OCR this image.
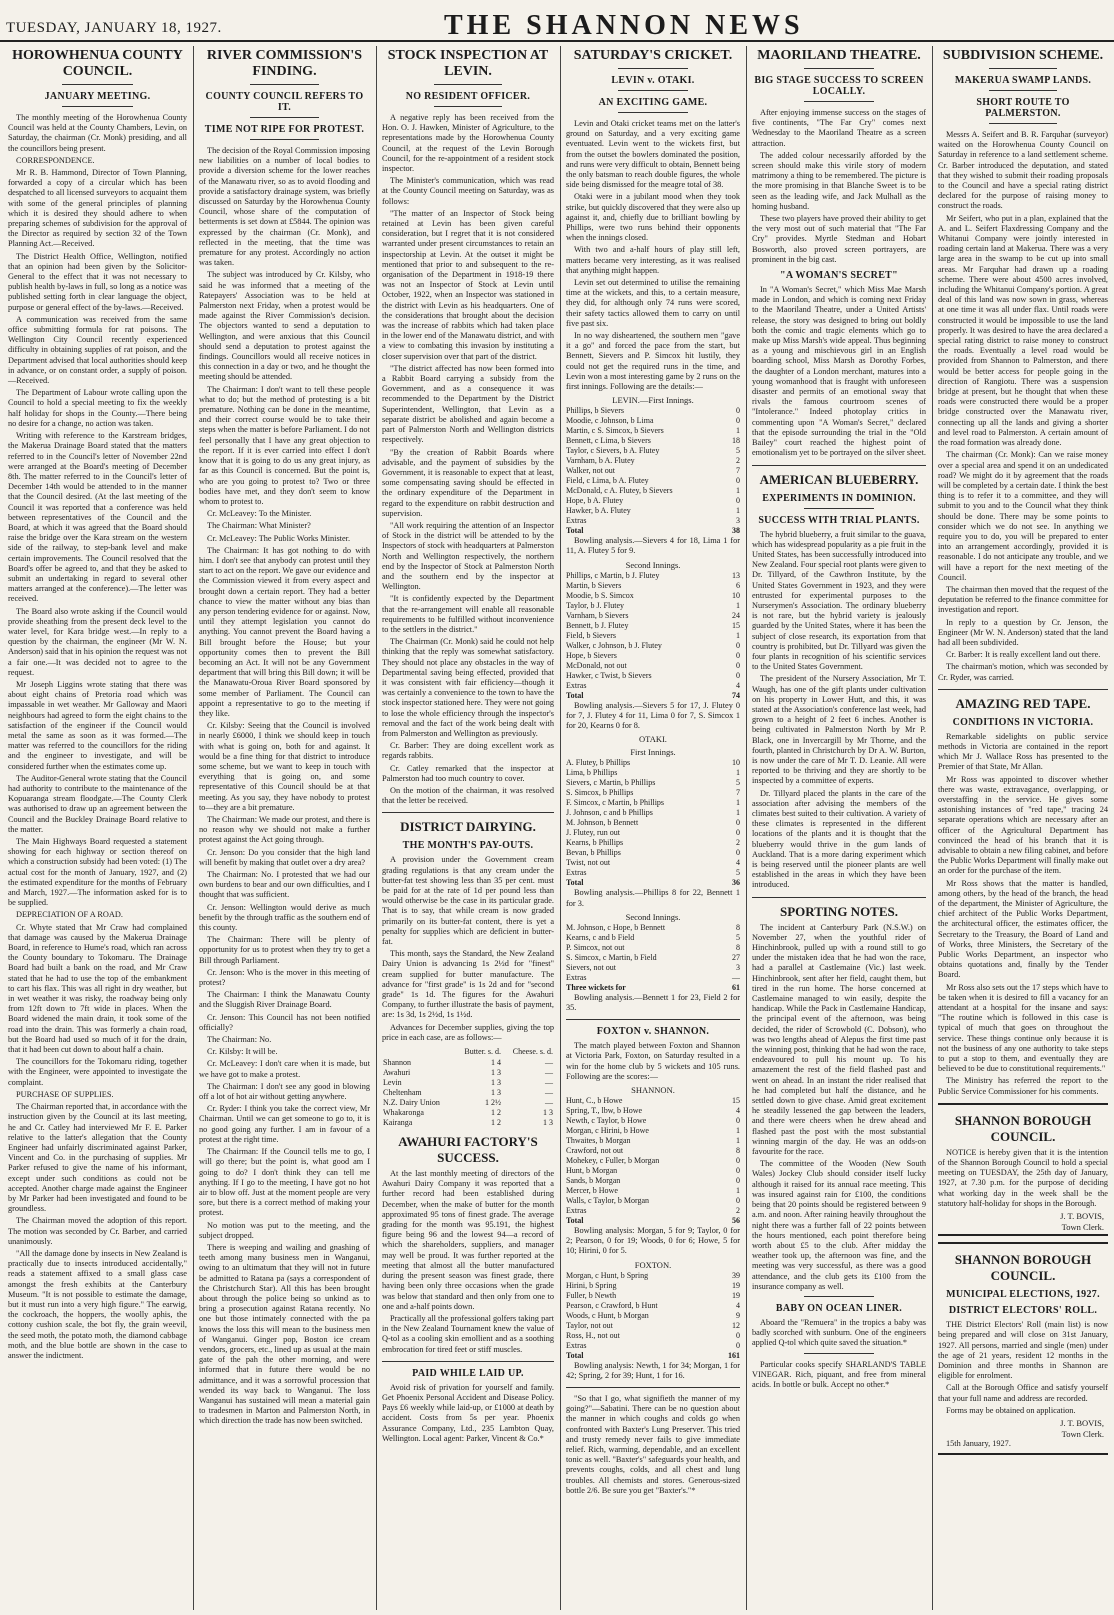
TUESDAY, JANUARY 18, 1927.	THE SHANNON NEWS
HOROWHENUA COUNTY COUNCIL.
JANUARY MEETING.

The monthly meeting of the Horowhenua County Council was held at the County Chambers, Levin, on Saturday, the chairman (Cr. Monk) presiding, and all the councillors being present.

CORRESPONDENCE.

Mr R. B. Hammond, Director of Town Planning, forwarded a copy of a circular which has been despatched to all licensed surveyors to acquaint them with some of the general principles of planning which it is desired they should adhere to when preparing schemes of subdivision for the approval of the Director as required by section 32 of the Town Planning Act.—Received.

The District Health Office, Wellington, notified that an opinion had been given by the Solicitor-General to the effect that it was not necessary to publish health by-laws in full, so long as a notice was published setting forth in clear language the object, purpose or general effect of the by-laws.—Received.

A communication was received from the same office submitting formula for rat poisons. The Wellington City Council recently experienced difficulty in obtaining supplies of rat poison, and the Department advised that local authorities should keep in advance, or on constant order, a supply of poison.—Received.

The Department of Labour wrote calling upon the Council to hold a special meeting to fix the weekly half holiday for shops in the County.—There being no desire for a change, no action was taken.

Writing with reference to the Karstream bridges, the Makerua Drainage Board stated that the matters referred to in the Council's letter of November 22nd were arranged at the Board's meeting of December 8th. The matter referred to in the Council's letter of December 14th would be attended to in the manner that the Council desired. (At the last meeting of the Council it was reported that a conference was held between representatives of the Council and the Board, at which it was agreed that the Board should raise the bridge over the Kara stream on the western side of the railway, to step-bank level and make certain improvements. The Council resolved that the Board's offer be agreed to, and that they be asked to submit an undertaking in regard to several other matters arranged at the conference).—The letter was received.

The Board also wrote asking if the Council would provide sheathing from the present deck level to the water level, for Kara bridge west.—In reply to a question by the chairman, the engineer (Mr W. N. Anderson) said that in his opinion the request was not a fair one.—It was decided not to agree to the request.

Mr Joseph Liggins wrote stating that there was about eight chains of Pretoria road which was impassable in wet weather. Mr Galloway and Maori neighbours had agreed to form the eight chains to the satisfaction of the engineer if the Council would metal the same as soon as it was formed.—The matter was referred to the councillors for the riding and the engineer to investigate, and will be considered further when the estimates come up.

The Auditor-General wrote stating that the Council had authority to contribute to the maintenance of the Kopuaranga stream floodgate.—The County Clerk was authorised to draw up an agreement between the Council and the Buckley Drainage Board relative to the matter.

The Main Highways Board requested a statement showing for each highway or section thereof on which a construction subsidy had been voted: (1) The actual cost for the month of January, 1927, and (2) the estimated expenditure for the months of February and March, 1927.—The information asked for is to be supplied.

DEPRECIATION OF A ROAD.

Cr. Whyte stated that Mr Craw had complained that damage was caused by the Makerua Drainage Board, in reference to Hume's road, which ran across the County boundary to Tokomaru. The Drainage Board had built a bank on the road, and Mr Craw stated that he had to use the top of the embankment to cart his flax. This was all right in dry weather, but in wet weather it was risky, the roadway being only from 12ft down to 7ft wide in places. When the Board widened the main drain, it took some of the road into the drain. This was formerly a chain road, but the Board had used so much of it for the drain, that it had been cut down to about half a chain.

The councillors for the Tokomaru riding, together with the Engineer, were appointed to investigate the complaint.

PURCHASE OF SUPPLIES.

The Chairman reported that, in accordance with the instruction given by the Council at its last meeting, he and Cr. Catley had interviewed Mr F. E. Parker relative to the latter's allegation that the County Engineer had unfairly discriminated against Parker, Vincent and Co. in the purchasing of supplies. Mr Parker refused to give the name of his informant, except under such conditions as could not be accepted. Another charge made against the Engineer by Mr Parker had been investigated and found to be groundless.

The Chairman moved the adoption of this report. The motion was seconded by Cr. Barber, and carried unanimously.

"All the damage done by insects in New Zealand is practically due to insects introduced accidentally," reads a statement affixed to a small glass case amongst the fresh exhibits at the Canterbury Museum. "It is not possible to estimate the damage, but it must run into a very high figure." The earwig, the cockroach, the hoppers, the woolly aphis, the cottony cushion scale, the bot fly, the grain weevil, the seed moth, the potato moth, the diamond cabbage moth, and the blue bottle are shown in the case to answer the indictment.

RIVER COMMISSION'S FINDING.
COUNTY COUNCIL REFERS TO IT.
TIME NOT RIPE FOR PROTEST.

The decision of the Royal Commission imposing new liabilities on a number of local bodies to provide a diversion scheme for the lower reaches of the Manawatu river, so as to avoid flooding and provide a satisfactory drainage system, was briefly discussed on Saturday by the Horowhenua County Council, whose share of the computation of betterments is set down at £5844. The opinion was expressed by the chairman (Cr. Monk), and reflected in the meeting, that the time was premature for any protest. Accordingly no action was taken.

The subject was introduced by Cr. Kilsby, who said he was informed that a meeting of the Ratepayers' Association was to be held at Palmerston next Friday, when a protest would be made against the River Commission's decision. The objectors wanted to send a deputation to Wellington, and were anxious that this Council should send a deputation to protest against the findings. Councillors would all receive notices in this connection in a day or two, and he thought the meeting should be attended.

The Chairman: I don't want to tell these people what to do; but the method of protesting is a bit premature. Nothing can be done in the meantime, and their correct course would be to take their steps when the matter is before Parliament. I do not feel personally that I have any great objection to the report. If it is ever carried into effect I don't know that it is going to do us any great injury, as far as this Council is concerned. But the point is, who are you going to protest to? Two or three bodies have met, and they don't seem to know whom to protest to.

Cr. McLeavey: To the Minister.

The Chairman: What Minister?

Cr. McLeavey: The Public Works Minister.

The Chairman: It has got nothing to do with him. I don't see that anybody can protest until they start to act on the report. We gave our evidence and the Commission viewed it from every aspect and brought down a certain report. They had a better chance to view the matter without any bias than any person tendering evidence for or against. Now, until they attempt legislation you cannot do anything. You cannot prevent the Board having a Bill brought before the House; but your opportunity comes then to prevent the Bill becoming an Act. It will not be any Government department that will bring this Bill down; it will be the Manawatu-Oroua River Board sponsored by some member of Parliament. The Council can appoint a representative to go to the meeting if they like.

Cr. Kilsby: Seeing that the Council is involved in nearly £6000, I think we should keep in touch with what is going on, both for and against. It would be a fine thing for that district to introduce some scheme, but we want to keep in touch with everything that is going on, and some representative of this Council should be at that meeting. As you say, they have nobody to protest to—they are a bit premature.

The Chairman: We made our protest, and there is no reason why we should not make a further protest against the Act going through.

Cr. Jenson: Do you consider that the high land will benefit by making that outlet over a dry area?

The Chairman: No. I protested that we had our own burdens to bear and our own difficulties, and I thought that was sufficient.

Cr. Jenson: Wellington would derive as much benefit by the through traffic as the southern end of this county.

The Chairman: There will be plenty of opportunity for us to protest when they try to get a Bill through Parliament.

Cr. Jenson: Who is the mover in this meeting of protest?

The Chairman: I think the Manawatu County and the Sluggish River Drainage Board.

Cr. Jenson: This Council has not been notified officially?

The Chairman: No.

Cr. Kilsby: It will be.

Cr. McLeavey: I don't care when it is made, but we have got to make a protest.

The Chairman: I don't see any good in blowing off a lot of hot air without getting anywhere.

Cr. Ryder: I think you take the correct view, Mr Chairman. Until we can get someone to go to, it is no good going any further. I am in favour of a protest at the right time.

The Chairman: If the Council tells me to go, I will go there; but the point is, what good am I going to do? I don't think they can tell me anything. If I go to the meeting, I have got no hot air to blow off. Just at the moment people are very sore, but there is a correct method of making your protest.

No motion was put to the meeting, and the subject dropped.

There is weeping and wailing and gnashing of teeth among many business men in Wanganui, owing to an ultimatum that they will not in future be admitted to Ratana pa (says a correspondent of the Christchurch Star). All this has been brought about through the police being so unkind as to bring a prosecution against Ratana recently. No one but those intimately connected with the pa knows the loss this will mean to the business men of Wanganui. Ginger pop, Boston ice cream vendors, grocers, etc., lined up as usual at the main gate of the pah the other morning, and were informed that in future there would be no admittance, and it was a sorrowful procession that wended its way back to Wanganui. The loss Wanganui has sustained will mean a material gain to tradesmen in Marton and Palmerston North, in which direction the trade has now been switched.

STOCK INSPECTION AT LEVIN.
NO RESIDENT OFFICER.

A negative reply has been received from the Hon. O. J. Hawken, Minister of Agriculture, to the representations made by the Horowhenua County Council, at the request of the Levin Borough Council, for the re-appointment of a resident stock inspector.

The Minister's communication, which was read at the County Council meeting on Saturday, was as follows:

"The matter of an Inspector of Stock being retained at Levin has been given careful consideration, but I regret that it is not considered warranted under present circumstances to retain an inspectorship at Levin. At the outset it might be mentioned that prior to and subsequent to the re-organisation of the Department in 1918-19 there was not an Inspector of Stock at Levin until October, 1922, when an Inspector was stationed in the district with Levin as his headquarters. One of the considerations that brought about the decision was the increase of rabbits which had taken place in the lower end of the Manawatu district, and with a view to combating this invasion by instituting a closer supervision over that part of the district.

"The district affected has now been formed into a Rabbit Board carrying a subsidy from the Government, and as a consequence it was recommended to the Department by the District Superintendent, Wellington, that Levin as a separate district be abolished and again become a part of Palmerston North and Wellington districts respectively.

"By the creation of Rabbit Boards where advisable, and the payment of subsidies by the Government, it is reasonable to expect that at least, some compensating saving should be effected in the ordinary expenditure of the Department in regard to the expenditure on rabbit destruction and supervision.

"All work requiring the attention of an Inspector of Stock in the district will be attended to by the Inspectors of stock with headquarters at Palmerston North and Wellington respectively, the northern end by the Inspector of Stock at Palmerston North and the southern end by the inspector at Wellington.

"It is confidently expected by the Department that the re-arrangement will enable all reasonable requirements to be fulfilled without inconvenience to the settlers in the district."

The Chairman (Cr. Monk) said he could not help thinking that the reply was somewhat satisfactory. They should not place any obstacles in the way of Departmental saving being effected, provided that it was consistent with fair efficiency—though it was certainly a convenience to the town to have the stock inspector stationed here. They were not going to lose the whole efficiency through the inspector's removal and the fact of the work being dealt with from Palmerston and Wellington as previously.

Cr. Barber: They are doing excellent work as regards rabbits.

Cr. Catley remarked that the inspector at Palmerston had too much country to cover.

On the motion of the chairman, it was resolved that the letter be received.

DISTRICT DAIRYING.
THE MONTH'S PAY-OUTS.

A provision under the Government cream grading regulations is that any cream under the butter-fat test showing less than 35 per cent. must be paid for at the rate of 1d per pound less than would otherwise be the case in its particular grade. That is to say, that while cream is now graded primarily on its butter-fat content, there is yet a penalty for supplies which are deficient in butter-fat.

This month, says the Standard, the New Zealand Dairy Union is advancing 1s 2½d for "finest" cream supplied for butter manufacture. The advance for "first grade" is 1s 2d and for "second grade" 1s 1d. The figures for the Awahuri Company, to further illustrate the basis of payment, are: 1s 3d, 1s 2½d, 1s 1½d.

Advances for December supplies, giving the top price in each case, are as follows:—

	Butter. s. d.	Cheese. s. d.
Shannon	1 4	—
Awahuri	1 3	—
Levin	1 3	—
Cheltenham	1 3	—
N.Z. Dairy Union	1 2½	—
Whakaronga	1 2	1 3
Kairanga	1 2	1 3
AWAHURI FACTORY'S SUCCESS.

At the last monthly meeting of directors of the Awahuri Dairy Company it was reported that a further record had been established during December, when the make of butter for the month approximated 95 tons of finest grade. The average grading for the month was 95.191, the highest figure being 96 and the lowest 94—a record of which the shareholders, suppliers, and manager may well be proud. It was further reported at the meeting that almost all the butter manufactured during the present season was finest grade, there having been only three occasions when the grade was below that standard and then only from one to one and a-half points down.

Practically all the professional golfers taking part in the New Zealand Tournament knew the value of Q-tol as a cooling skin emollient and as a soothing embrocation for tired feet or stiff muscles.

PAID WHILE LAID UP.

Avoid risk of privation for yourself and family. Get Phoenix Personal Accident and Disease Policy. Pays £6 weekly while laid-up, or £1000 at death by accident. Costs from 5s per year. Phoenix Assurance Company, Ltd., 235 Lambton Quay, Wellington. Local agent: Parker, Vincent & Co.*

SATURDAY'S CRICKET.
LEVIN v. OTAKI.
AN EXCITING GAME.

Levin and Otaki cricket teams met on the latter's ground on Saturday, and a very exciting game eventuated. Levin went to the wickets first, but from the outset the bowlers dominated the position, and runs were very difficult to obtain, Bennett being the only batsman to reach double figures, the whole side being dismissed for the meagre total of 38.

Otaki were in a jubilant mood when they took strike, but quickly discovered that they were also up against it, and, chiefly due to brilliant bowling by Phillips, were two runs behind their opponents when the innings closed.

With two and a-half hours of play still left, matters became very interesting, as it was realised that anything might happen.

Levin set out determined to utilise the remaining time at the wickets, and this, to a certain measure, they did, for although only 74 runs were scored, their safety tactics allowed them to carry on until five past six.

In no way disheartened, the southern men "gave it a go" and forced the pace from the start, but Bennett, Sievers and P. Simcox hit lustily, they could not get the required runs in the time, and Levin won a most interesting game by 2 runs on the first innings. Following are the details:—

LEVIN.—First Innings.
Phillips, b Sievers	0
Moodie, c Johnson, b Lima	0
Martin, c S. Simcox, b Sievers	1
Bennett, c Lima, b Sievers	18
Taylor, c Sievers, b A. Flutey	5
Varnham, b A. Flutey	2
Walker, not out	7
Field, c Lima, b A. Flutey	0
McDonald, c A. Flutey, b Sievers	1
Hope, b A. Flutey	0
Hawker, b A. Flutey	1
Extras	3
Total	38

Bowling analysis.—Sievers 4 for 18, Lima 1 for 11, A. Flutey 5 for 9.

Second Innings.
Phillips, c Martin, b J. Flutey	13
Martin, b Sievers	6
Moodie, b S. Simcox	10
Taylor, b J. Flutey	1
Varnham, b Sievers	24
Bennett, b J. Flutey	15
Field, b Sievers	1
Walker, c Johnson, b J. Flutey	0
Hope, b Sievers	0
McDonald, not out	0
Hawker, c Twist, b Sievers	0
Extras	4
Total	74

Bowling analysis.—Sievers 5 for 17, J. Flutey 0 for 7, J. Flutey 4 for 11, Lima 0 for 7, S. Simcox 1 for 20, Kearns 0 for 8.

OTAKI.
First Innings.
A. Flutey, b Phillips	10
Lima, b Phillips	1
Sievers, c Martin, b Phillips	5
S. Simcox, b Phillips	7
F. Simcox, c Martin, b Phillips	1
J. Johnson, c and b Phillips	1
M. Johnson, b Bennett	0
J. Flutey, run out	0
Kearns, b Phillips	2
Bevan, b Phillips	0
Twist, not out	4
Extras	5
Total	36

Bowling analysis.—Phillips 8 for 22, Bennett 1 for 3.

Second Innings.
M. Johnson, c Hope, b Bennett	8
Kearns, c and b Field	5
P. Simcox, not out	8
S. Simcox, c Martin, b Field	27
Sievers, not out	3
Extras	—
Three wickets for	61

Bowling analysis.—Bennett 1 for 23, Field 2 for 35.

FOXTON v. SHANNON.

The match played between Foxton and Shannon at Victoria Park, Foxton, on Saturday resulted in a win for the home club by 5 wickets and 105 runs. Following are the scores:—

SHANNON.
Hunt, C., b Howe	15
Spring, T., lbw, b Howe	4
Newth, c Taylor, b Howe	0
Morgan, c Hirini, b Howe	1
Thwaites, b Morgan	1
Crawford, not out	8
Mohekey, c Fuller, b Morgan	0
Hunt, b Morgan	0
Sands, b Morgan	0
Mercer, b Howe	1
Walls, c Taylor, b Morgan	0
Extras	2
Total	56

Bowling analysis: Morgan, 5 for 9; Taylor, 0 for 2; Pearson, 0 for 19; Woods, 0 for 6; Howe, 5 for 10; Hirini, 0 for 5.

FOXTON.
Morgan, c Hunt, b Spring	39
Hirini, b Spring	19
Fuller, b Newth	19
Pearson, c Crawford, b Hunt	4
Woods, c Hunt, b Morgan	9
Taylor, not out	12
Ross, H., not out	0
Extras	0
Total	161

Bowling analysis: Newth, 1 for 34; Morgan, 1 for 42; Spring, 2 for 39; Hunt, 1 for 16.

"So that I go, what signifieth the manner of my going?"—Sabatini. There can be no question about the manner in which coughs and colds go when confronted with Baxter's Lung Preserver. This tried and trusty remedy never fails to give immediate relief. Rich, warming, dependable, and an excellent tonic as well. "Baxter's" safeguards your health, and prevents coughs, colds, and all chest and lung troubles. All chemists and stores. Generous-sized bottle 2/6. Be sure you get "Baxter's."*

MAORILAND THEATRE.
BIG STAGE SUCCESS TO SCREEN LOCALLY.

After enjoying immense success on the stages of five continents, "The Far Cry" comes next Wednesday to the Maoriland Theatre as a screen attraction.

The added colour necessarily afforded by the screen should make this virile story of modern matrimony a thing to be remembered. The picture is the more promising in that Blanche Sweet is to be seen as the leading wife, and Jack Mulhall as the homing husband.

These two players have proved their ability to get the very most out of such material that "The Far Cry" provides. Myrtle Stedman and Hobart Bosworth, also proved screen portrayers, are prominent in the big cast.

"A WOMAN'S SECRET"

In "A Woman's Secret," which Miss Mae Marsh made in London, and which is coming next Friday to the Maoriland Theatre, under a United Artists' release, the story was designed to bring out boldly both the comic and tragic elements which go to make up Miss Marsh's wide appeal. Thus beginning as a young and mischievous girl in an English boarding school, Miss Marsh as Dorothy Forbes, the daughter of a London merchant, matures into a young womanhood that is fraught with unforeseen disaster and permits of an emotional sway that rivals the famous courtroom scenes of "Intolerance." Indeed photoplay critics in commenting upon "A Woman's Secret," declared that the episode surrounding the trial in the "Old Bailey" court reached the highest point of emotionalism yet to be portrayed on the silver sheet.

AMERICAN BLUEBERRY.
EXPERIMENTS IN DOMINION.
SUCCESS WITH TRIAL PLANTS.

The hybrid blueberry, a fruit similar to the guava, which has widespread popularity as a pie fruit in the United States, has been successfully introduced into New Zealand. Four special root plants were given to Dr. Tillyard, of the Cawthron Institute, by the United States Government in 1923, and they were entrusted for experimental purposes to the Nurserymen's Association. The ordinary blueberry is not rare, but the hybrid variety is jealously guarded by the United States, where it has been the subject of close research, its exportation from that country is prohibited, but Dr. Tillyard was given the four plants in recognition of his scientific services to the United States Government.

The president of the Nursery Association, Mr T. Waugh, has one of the gift plants under cultivation on his property in Lower Hutt, and this, it was stated at the Association's conference last week, had grown to a height of 2 feet 6 inches. Another is being cultivated in Palmerston North by Mr P. Black, one in Invercargill by Mr Thorne, and the fourth, planted in Christchurch by Dr A. W. Burton, is now under the care of Mr T. D. Leanie. All were reported to be thriving and they are shortly to be inspected by a committee of experts.

Dr. Tillyard placed the plants in the care of the association after advising the members of the climates best suited to their cultivation. A variety of these climates is represented in the different locations of the plants and it is thought that the blueberry would thrive in the gum lands of Auckland. That is a more daring experiment which is being reserved until the pioneer plants are well established in the areas in which they have been introduced.

SPORTING NOTES.

The incident at Canterbury Park (N.S.W.) on November 27, when the youthful rider of Hinchinbrook, pulled up with a round still to go under the mistaken idea that he had won the race, had a parallel at Castlemaine (Vic.) last week. Hinchinbrook, sent after her field, caught them, but tired in the run home. The horse concerned at Castlemaine managed to win easily, despite the handicap. While the Pack in Castlemaine Handicap, the principal event of the afternoon, was being decided, the rider of Scrowbold (C. Dobson), who was two lengths ahead of Alepus the first time past the winning post, thinking that he had won the race, endeavoured to pull his mount up. To his amazement the rest of the field flashed past and went on ahead. In an instant the rider realised that he had completed but half the distance, and he settled down to give chase. Amid great excitement he steadily lessened the gap between the leaders, and there were cheers when he drew ahead and flashed past the post with the most substantial winning margin of the day. He was an odds-on favourite for the race.

The committee of the Wooden (New South Wales) Jockey Club should consider itself lucky although it raised for its annual race meeting. This was insured against rain for £100, the conditions being that 20 points should be registered between 9 a.m. and noon. After raining heavily throughout the night there was a further fall of 22 points between the hours mentioned, each point therefore being worth about £5 to the club. After midday the weather took up, the afternoon was fine, and the meeting was very successful, as there was a good attendance, and the club gets its £100 from the insurance company as well.

BABY ON OCEAN LINER.

Aboard the "Remuera" in the tropics a baby was badly scorched with sunburn. One of the engineers applied Q-tol which quite saved the situation.*

Particular cooks specify SHARLAND'S TABLE VINEGAR. Rich, piquant, and free from mineral acids. In bottle or bulk. Accept no other.*

SUBDIVISION SCHEME.
MAKERUA SWAMP LANDS.
SHORT ROUTE TO PALMERSTON.

Messrs A. Seifert and B. R. Farquhar (surveyor) waited on the Horowhenua County Council on Saturday in reference to a land settlement scheme. Cr. Barber introduced the deputation, and stated that they wished to submit their roading proposals to the Council and have a special rating district declared for the purpose of raising money to construct the roads.

Mr Seifert, who put in a plan, explained that the A. and L. Seifert Flaxdressing Company and the Whitanui Company were jointly interested in roading certain land at Makerua. There was a very large area in the swamp to be cut up into small areas. Mr Farquhar had drawn up a roading scheme. There were about 4500 acres involved, including the Whitanui Company's portion. A great deal of this land was now sown in grass, whereas at one time it was all under flax. Until roads were constructed it would be impossible to use the land properly. It was desired to have the area declared a special rating district to raise money to construct the roads. Eventually a level road would be provided from Shannon to Palmerston, and there would be better access for people going in the direction of Rangiotu. There was a suspension bridge at present, but he thought that when these roads were constructed there would be a proper bridge constructed over the Manawatu river, connecting up all the lands and giving a shorter and level road to Palmerston. A certain amount of the road formation was already done.

The chairman (Cr. Monk): Can we raise money over a special area and spend it on an undedicated road? We might do it by agreement that the roads will be completed by a certain date. I think the best thing is to refer it to a committee, and they will submit to you and to the Council what they think should be done. There may be some points to consider which we do not see. In anything we require you to do, you will be prepared to enter into an arrangement accordingly, provided it is reasonable. I do not anticipate any trouble, and we will have a report for the next meeting of the Council.

The chairman then moved that the request of the deputation be referred to the finance committee for investigation and report.

In reply to a question by Cr. Jenson, the Engineer (Mr W. N. Anderson) stated that the land had all been subdivided.

Cr. Barber: It is really excellent land out there.

The chairman's motion, which was seconded by Cr. Ryder, was carried.

AMAZING RED TAPE.
CONDITIONS IN VICTORIA.

Remarkable sidelights on public service methods in Victoria are contained in the report which Mr J. Wallace Ross has presented to the Premier of that State, Mr Allan.

Mr Ross was appointed to discover whether there was waste, extravagance, overlapping, or overstaffing in the service. He gives some astonishing instances of "red tape," tracing 24 separate operations which are necessary after an officer of the Agricultural Department has convinced the head of his branch that it is advisable to obtain a new filing cabinet, and before the Public Works Department will finally make out an order for the purchase of the item.

Mr Ross shows that the matter is handled, among others, by the head of the branch, the head of the department, the Minister of Agriculture, the chief architect of the Public Works Department, the architectural officer, the estimates officer, the Secretary to the Treasury, the Board of Land and of Works, three Ministers, the Secretary of the Public Works Department, an inspector who obtains quotations and, finally by the Tender Board.

Mr Ross also sets out the 17 steps which have to be taken when it is desired to fill a vacancy for an attendant at a hospital for the insane and says: "The routine which is followed in this case is typical of much that goes on throughout the service. These things continue only because it is not the business of any one authority to take steps to put a stop to them, and eventually they are believed to be due to constitutional requirements."

The Ministry has referred the report to the Public Service Commissioner for his comments.

SHANNON BOROUGH COUNCIL.

NOTICE is hereby given that it is the intention of the Shannon Borough Council to hold a special meeting on TUESDAY, the 25th day of January, 1927, at 7.30 p.m. for the purpose of deciding what working day in the week shall be the statutory half-holiday for shops in the Borough.

J. T. BOVIS,
Town Clerk.
SHANNON BOROUGH COUNCIL.
MUNICIPAL ELECTIONS, 1927.
DISTRICT ELECTORS' ROLL.

THE District Electors' Roll (main list) is now being prepared and will close on 31st January, 1927. All persons, married and single (men) under the age of 21 years, resident 12 months in the Dominion and three months in Shannon are eligible for enrolment.

Call at the Borough Office and satisfy yourself that your full name and address are recorded.

Forms may be obtained on application.

J. T. BOVIS,
Town Clerk.

15th January, 1927.
